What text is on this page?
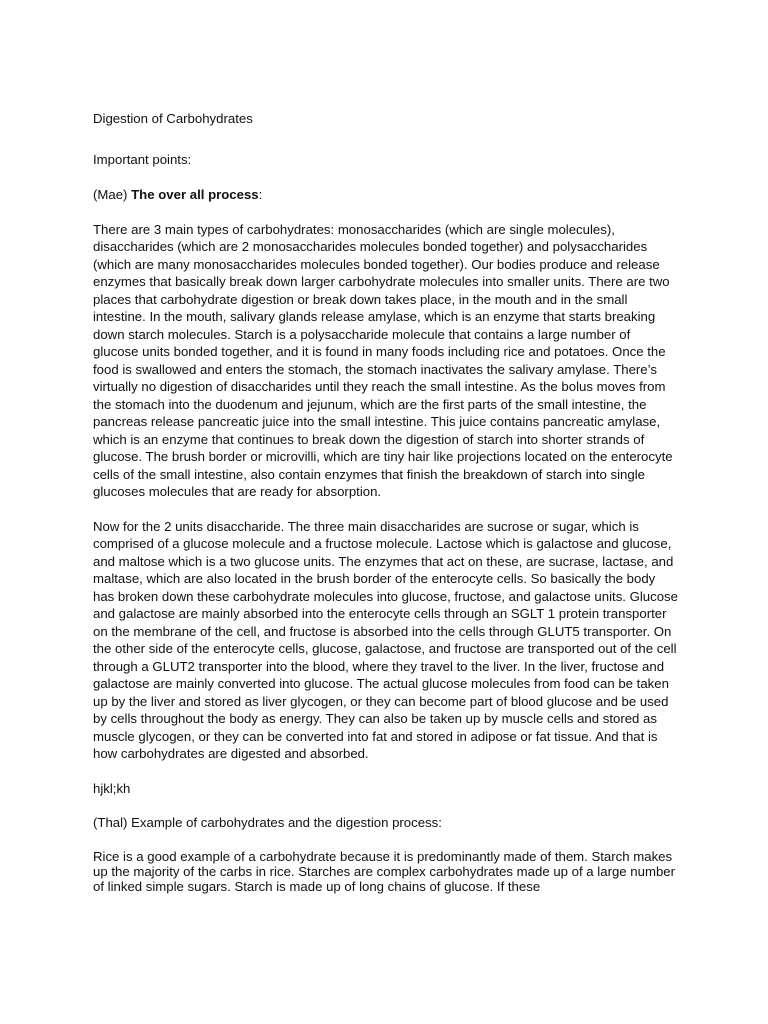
Digestion of Carbohydrates

Important points:

(Mae) The over all process:

There are 3 main types of carbohydrates: monosaccharides (which are single molecules), disaccharides (which are 2 monosaccharides molecules bonded together) and polysaccharides (which are many monosaccharides molecules bonded together). Our bodies produce and release enzymes that basically break down larger carbohydrate molecules into smaller units. There are two places that carbohydrate digestion or break down takes place, in the mouth and in the small intestine. In the mouth, salivary glands release amylase, which is an enzyme that starts breaking down starch molecules. Starch is a polysaccharide molecule that contains a large number of glucose units bonded together, and it is found in many foods including rice and potatoes. Once the food is swallowed and enters the stomach, the stomach inactivates the salivary amylase. There’s virtually no digestion of disaccharides until they reach the small intestine. As the bolus moves from the stomach into the duodenum and jejunum, which are the first parts of the small intestine, the pancreas release pancreatic juice into the small intestine. This juice contains pancreatic amylase, which is an enzyme that continues to break down the digestion of starch into shorter strands of glucose. The brush border or microvilli, which are tiny hair like projections located on the enterocyte cells of the small intestine, also contain enzymes that finish the breakdown of starch into single glucoses molecules that are ready for absorption.

Now for the 2 units disaccharide. The three main disaccharides are sucrose or sugar, which is comprised of a glucose molecule and a fructose molecule. Lactose which is galactose and glucose, and maltose which is a two glucose units. The enzymes that act on these, are sucrase, lactase, and maltase, which are also located in the brush border of the enterocyte cells. So basically the body has broken down these carbohydrate molecules into glucose, fructose, and galactose units. Glucose and galactose are mainly absorbed into the enterocyte cells through an SGLT 1 protein transporter on the membrane of the cell, and fructose is absorbed into the cells through GLUT5 transporter. On the other side of the enterocyte cells, glucose, galactose, and fructose are transported out of the cell through a GLUT2 transporter into the blood, where they travel to the liver. In the liver, fructose and galactose are mainly converted into glucose. The actual glucose molecules from food can be taken up by the liver and stored as liver glycogen, or they can become part of blood glucose and be used by cells throughout the body as energy. They can also be taken up by muscle cells and stored as muscle glycogen, or they can be converted into fat and stored in adipose or fat tissue. And that is how carbohydrates are digested and absorbed.

hjkl;kh

(Thal) Example of carbohydrates and the digestion process:

Rice is a good example of a carbohydrate because it is predominantly made of them. Starch makes up the majority of the carbs in rice. Starches are complex carbohydrates made up of a large number of linked simple sugars. Starch is made up of long chains of glucose. If these
